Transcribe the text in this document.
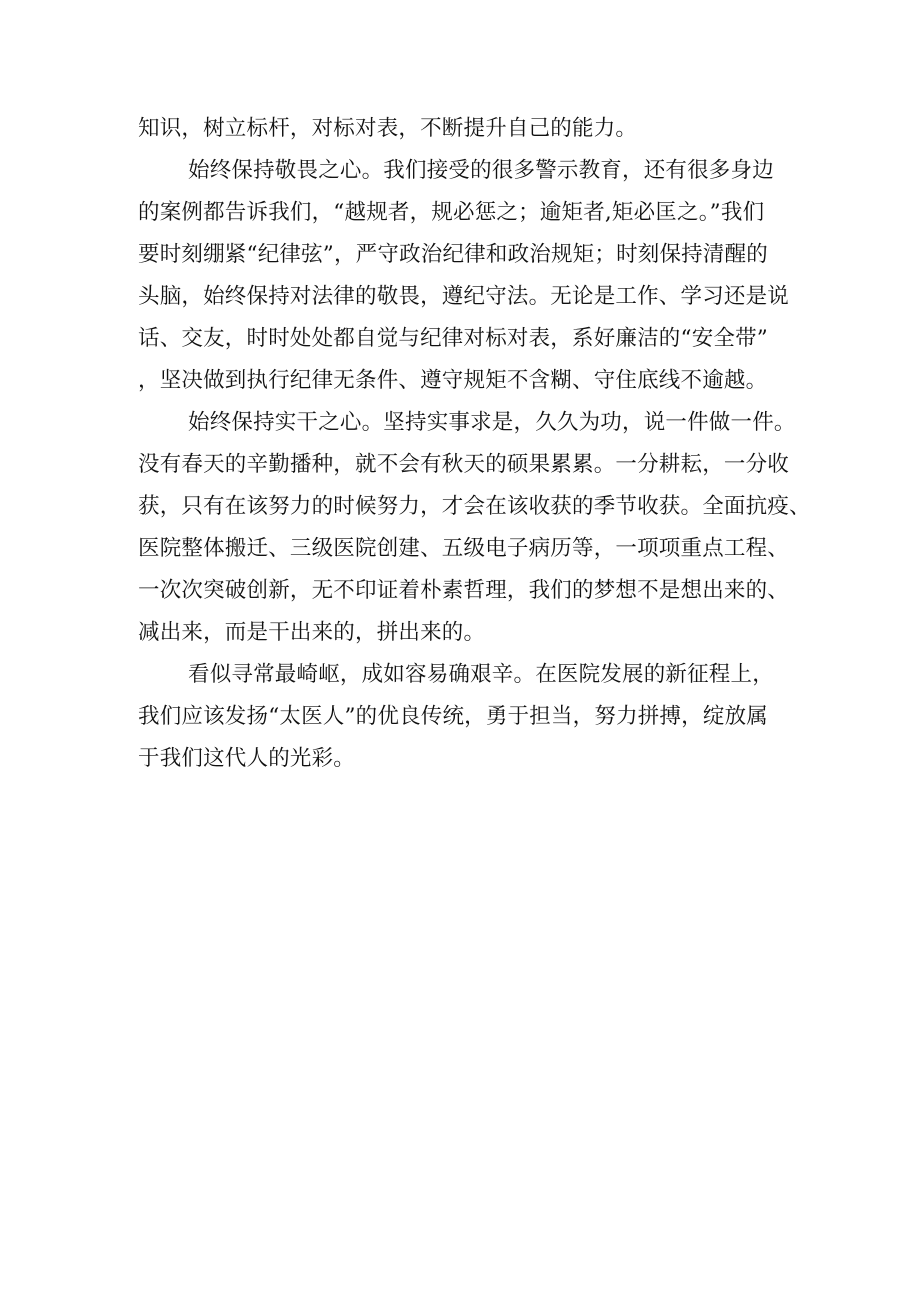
知识，树立标杆，对标对表，不断提升自己的能力。
始终保持敬畏之心。我们接受的很多警示教育，还有很多身边
的案例都告诉我们，“越规者，规必惩之；逾矩者,矩必匡之。”我们
要时刻绷紧“纪律弦”，严守政治纪律和政治规矩；时刻保持清醒的
头脑，始终保持对法律的敬畏，遵纪守法。无论是工作、学习还是说
话、交友，时时处处都自觉与纪律对标对表，系好廉洁的“安全带”
，坚决做到执行纪律无条件、遵守规矩不含糊、守住底线不逾越。
始终保持实干之心。坚持实事求是，久久为功，说一件做一件。
没有春天的辛勤播种，就不会有秋天的硕果累累。一分耕耘，一分收
获，只有在该努力的时候努力，才会在该收获的季节收获。全面抗疫、
医院整体搬迁、三级医院创建、五级电子病历等，一项项重点工程、
一次次突破创新，无不印证着朴素哲理，我们的梦想不是想出来的、
减出来，而是干出来的，拼出来的。
看似寻常最崎岖，成如容易确艰辛。在医院发展的新征程上，
我们应该发扬“太医人”的优良传统，勇于担当，努力拼搏，绽放属
于我们这代人的光彩。
